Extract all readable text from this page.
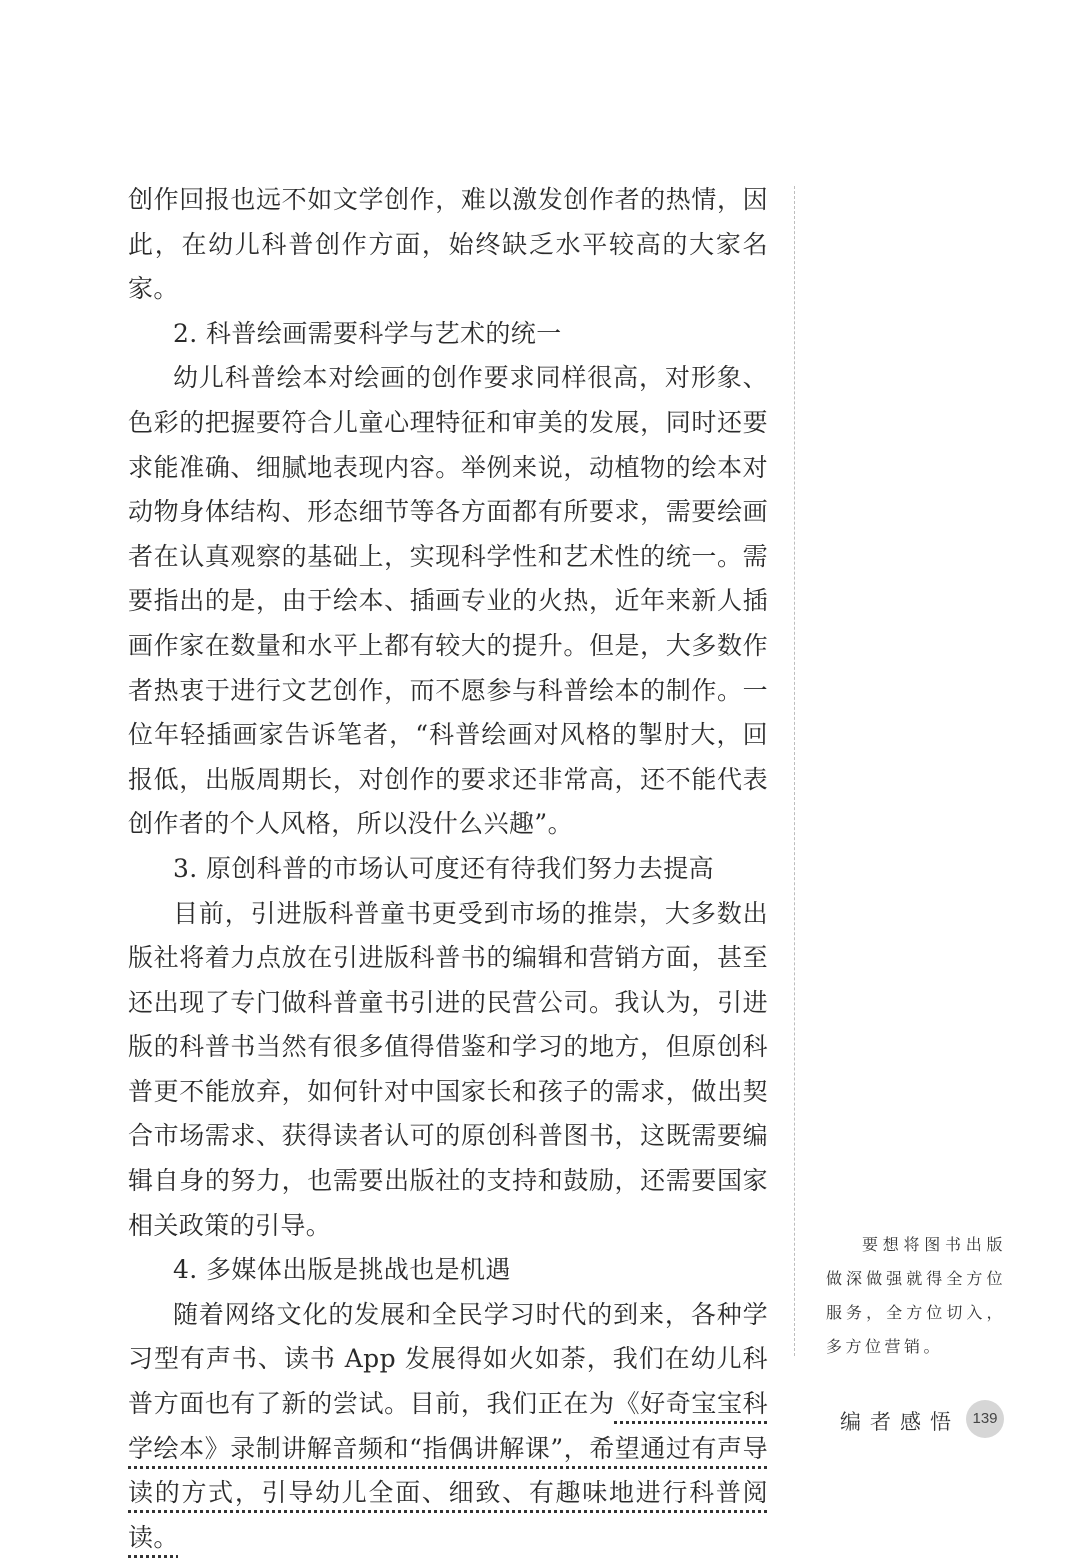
创作回报也远不如文学创作，难以激发创作者的热情，因此，在幼儿科普创作方面，始终缺乏水平较高的大家名家。

2. 科普绘画需要科学与艺术的统一

幼儿科普绘本对绘画的创作要求同样很高，对形象、色彩的把握要符合儿童心理特征和审美的发展，同时还要求能准确、细腻地表现内容。举例来说，动植物的绘本对动物身体结构、形态细节等各方面都有所要求，需要绘画者在认真观察的基础上，实现科学性和艺术性的统一。需要指出的是，由于绘本、插画专业的火热，近年来新人插画作家在数量和水平上都有较大的提升。但是，大多数作者热衷于进行文艺创作，而不愿参与科普绘本的制作。一位年轻插画家告诉笔者，“科普绘画对风格的掣肘大，回报低，出版周期长，对创作的要求还非常高，还不能代表创作者的个人风格，所以没什么兴趣”。

3. 原创科普的市场认可度还有待我们努力去提高

目前，引进版科普童书更受到市场的推崇，大多数出版社将着力点放在引进版科普书的编辑和营销方面，甚至还出现了专门做科普童书引进的民营公司。我认为，引进版的科普书当然有很多值得借鉴和学习的地方，但原创科普更不能放弃，如何针对中国家长和孩子的需求，做出契合市场需求、获得读者认可的原创科普图书，这既需要编辑自身的努力，也需要出版社的支持和鼓励，还需要国家相关政策的引导。

4. 多媒体出版是挑战也是机遇

随着网络文化的发展和全民学习时代的到来，各种学习型有声书、读书 App 发展得如火如荼，我们在幼儿科普方面也有了新的尝试。目前，我们正在为《好奇宝宝科学绘本》录制讲解音频和“指偶讲解课”，希望通过有声导读的方式，引导幼儿全面、细致、有趣味地进行科普阅读。

要想将图书出版做深做强就得全方位服务，全方位切入，多方位营销。
编者感悟 139
